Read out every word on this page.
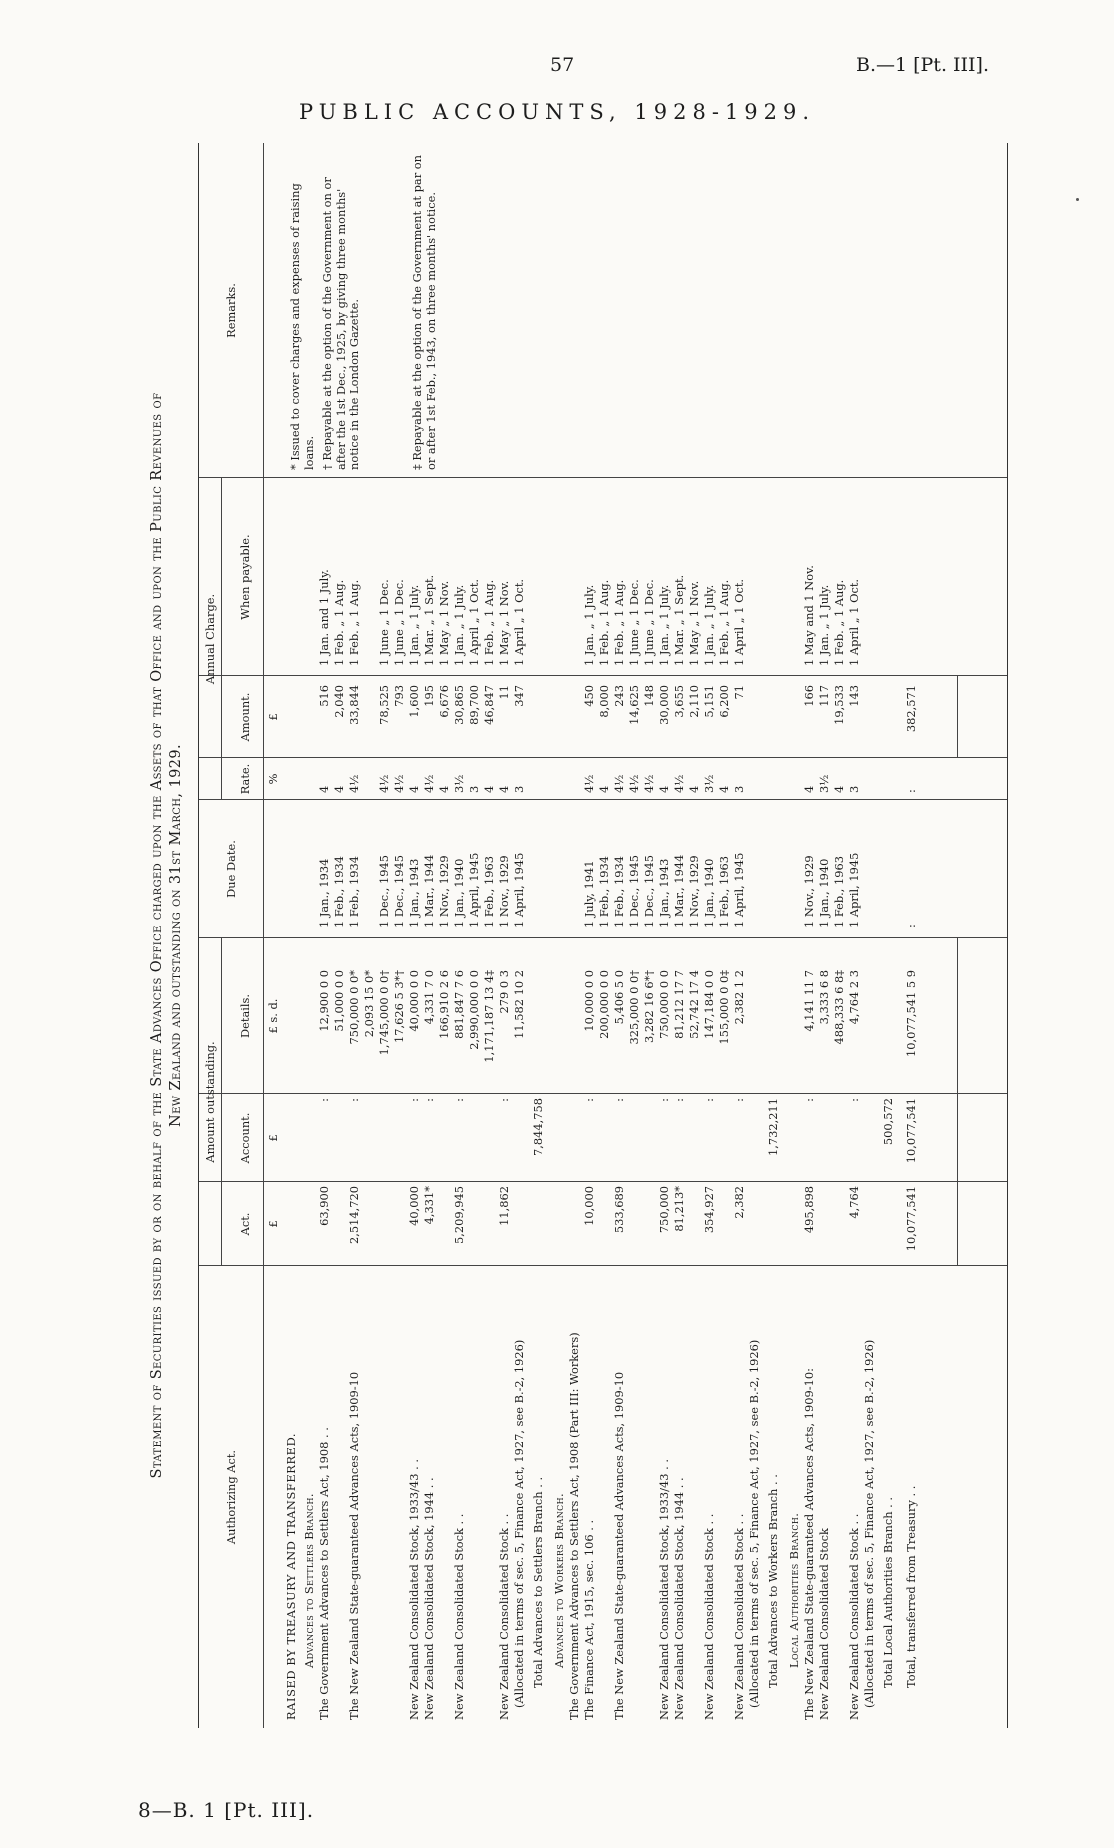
57	B.—1 [Pt. III].
PUBLIC ACCOUNTS, 1928-1929.
Statement of Securities issued by or on behalf of the State Advances Office charged upon the Assets of that Office and upon the Public Revenues of New Zealand and outstanding on 31st March, 1929.
Authorizing Act.
Amount outstanding.
Act.
Account.
Details.
Due Date.
Annual Charge.
Rate.
Amount.
When payable.
Remarks.
£
£
£ s. d.
%
£
RAISED BY TREASURY AND TRANSFERRED. Advances to Settlers Branch. The Government Advances to Settlers Act, 1908 . .
63,900
:
12,900 0 0
1 Jan., 1934
4
516
1 Jan. and 1 July.
51,000 0 0
1 Feb., 1934
4
2,040
1 Feb. „ 1 Aug.
The New Zealand State-guaranteed Advances Acts, 1909-10
2,514,720
:
750,000 0 0*
1 Feb., 1934
4½
33,844
1 Feb. „ 1 Aug.
2,093 15 0* 1,745,000 0 0†
1 Dec., 1945
4½
78,525
1 June „ 1 Dec.
17,626 5 3*†
1 Dec., 1945
4½
793
1 June „ 1 Dec.
New Zealand Consolidated Stock, 1933/43 . .
40,000
:
40,000 0 0
1 Jan., 1943
4
1,600
1 Jan. „ 1 July.
New Zealand Consolidated Stock, 1944 . .
4,331*
:
4,331 7 0
1 Mar., 1944
4½
195
1 Mar. „ 1 Sept.
166,910 2 6
1 Nov., 1929
4
6,676
1 May „ 1 Nov.
New Zealand Consolidated Stock . .
5,209,945
:
881,847 7 6
1 Jan., 1940
3½
30,865
1 Jan. „ 1 July.
2,990,000 0 0
1 April, 1945
3
89,700
1 April „ 1 Oct.
1,171,187 13 4‡
1 Feb., 1963
4
46,847
1 Feb. „ 1 Aug.
New Zealand Consolidated Stock . .
11,862
:
279 0 3
1 Nov., 1929
4
11
1 May „ 1 Nov.
(Allocated in terms of sec. 5, Finance Act, 1927, see B.-2, 1926)
11,582 10 2
1 April, 1945
3
347
1 April „ 1 Oct.
Total Advances to Settlers Branch . .
7,844,758
Advances to Workers Branch. The Government Advances to Settlers Act, 1908 (Part III: Workers) The Finance Act, 1915, sec. 106 . .
10,000
:
10,000 0 0
1 July, 1941
4½
450
1 Jan. „ 1 July.
200,000 0 0
1 Feb., 1934
4
8,000
1 Feb. „ 1 Aug.
The New Zealand State-guaranteed Advances Acts, 1909-10
533,689
:
5,406 5 0
1 Feb., 1934
4½
243
1 Feb. „ 1 Aug.
325,000 0 0†
1 Dec., 1945
4½
14,625
1 June „ 1 Dec.
3,282 16 6*†
1 Dec., 1945
4½
148
1 June „ 1 Dec.
New Zealand Consolidated Stock, 1933/43 . .
750,000
:
750,000 0 0
1 Jan., 1943
4
30,000
1 Jan. „ 1 July.
New Zealand Consolidated Stock, 1944 . .
81,213*
:
81,212 17 7
1 Mar., 1944
4½
3,655
1 Mar. „ 1 Sept.
52,742 17 4
1 Nov., 1929
4
2,110
1 May „ 1 Nov.
New Zealand Consolidated Stock . .
354,927
:
147,184 0 0
1 Jan., 1940
3½
5,151
1 Jan. „ 1 July.
155,000 0 0‡
1 Feb., 1963
4
6,200
1 Feb. „ 1 Aug.
New Zealand Consolidated Stock . .
2,382
:
2,382 1 2
1 April, 1945
3
71
1 April „ 1 Oct.
(Allocated in terms of sec. 5, Finance Act, 1927, see B.-2, 1926) Total Advances to Workers Branch . .
1,732,211
Local Authorities Branch. The New Zealand State-guaranteed Advances Acts, 1909-10:
495,898
:
4,141 11 7
1 Nov., 1929
4
166
1 May and 1 Nov.
New Zealand Consolidated Stock
3,333 6 8
1 Jan., 1940
3½
117
1 Jan. „ 1 July.
488,333 6 8‡
1 Feb., 1963
4
19,533
1 Feb. „ 1 Aug.
New Zealand Consolidated Stock . .
4,764
:
4,764 2 3
1 April, 1945
3
143
1 April „ 1 Oct.
(Allocated in terms of sec. 5, Finance Act, 1927, see B.-2, 1926) Total Local Authorities Branch . .
500,572
Total, transferred from Treasury . .
10,077,541
10,077,541
10,077,541 5 9
:
:
382,571
* Issued to cover charges and expenses of raising loans. † Repayable at the option of the Government on or after the 1st Dec., 1925, by giving three months' notice in the London Gazette.	‡ Repayable at the option of the Government at par on or after 1st Feb., 1943, on three months' notice.
8—B. 1 [Pt. III].
